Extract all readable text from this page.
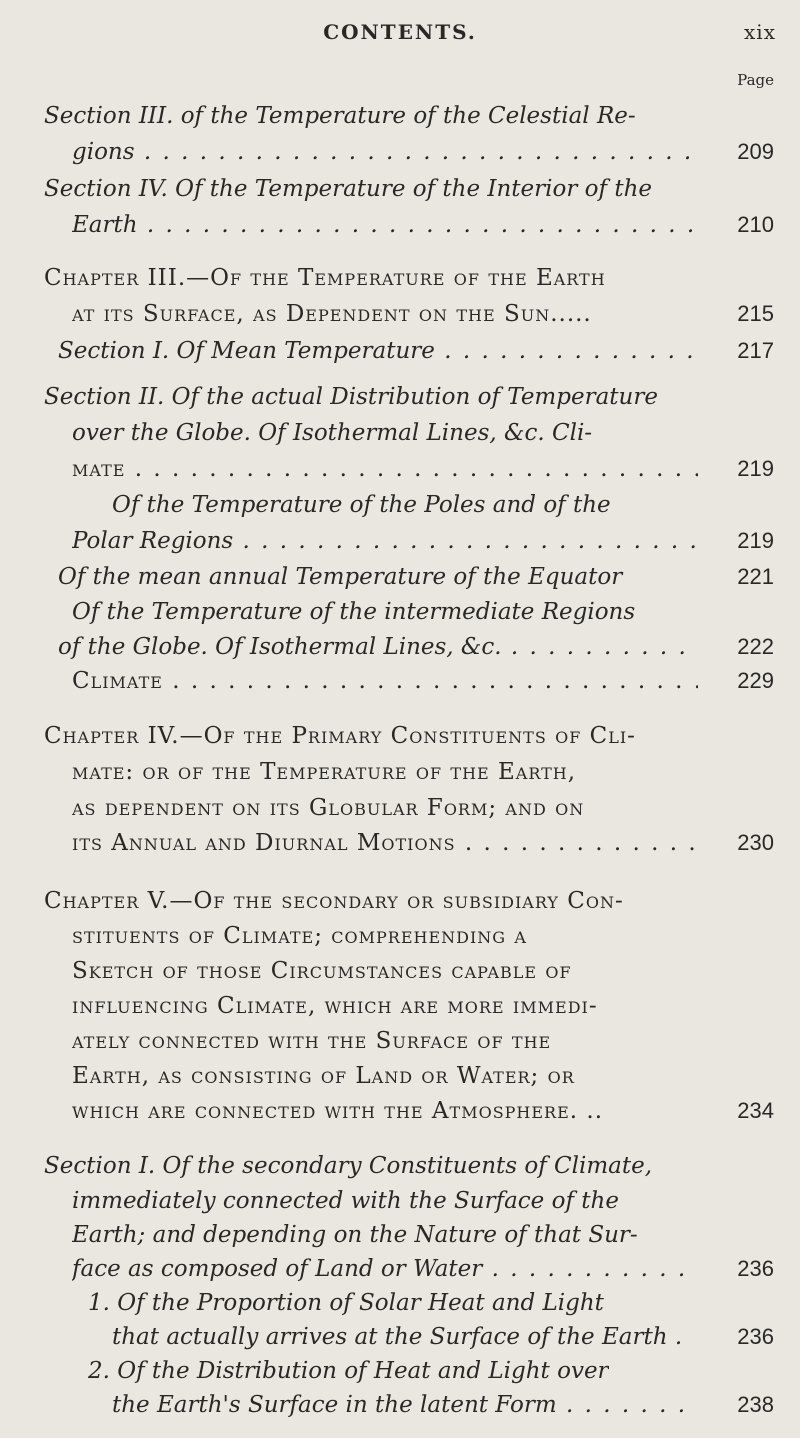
CONTENTS.	xix
Page
Section III. of the Temperature of the Celestial Re-
gions . . .	209
Section IV. Of the Temperature of the Interior of the
Earth . . .	210
Chapter III.—Of the Temperature of the Earth
at its Surface, as Dependent on the Sun.....	215
Section I. Of Mean Temperature . . .	217
Section II. Of the actual Distribution of Temperature
over the Globe. Of Isothermal Lines, &c. Cli-
mate . . .	219
Of the Temperature of the Poles and of the
Polar Regions . . .	219
Of the mean annual Temperature of the Equator	221
Of the Temperature of the intermediate Regions
of the Globe. Of Isothermal Lines, &c. . . .	222
Climate . . .	229
Chapter IV.—Of the Primary Constituents of Cli-
mate: or of the Temperature of the Earth,
as dependent on its Globular Form; and on
its Annual and Diurnal Motions . . .	230
Chapter V.—Of the secondary or subsidiary Con-
stituents of Climate; comprehending a
Sketch of those Circumstances capable of
influencing Climate, which are more immedi-
ately connected with the Surface of the
Earth, as consisting of Land or Water; or
which are connected with the Atmosphere. ..	234
Section I. Of the secondary Constituents of Climate,
immediately connected with the Surface of the
Earth; and depending on the Nature of that Sur-
face as composed of Land or Water . . .	236
1. Of the Proportion of Solar Heat and Light
that actually arrives at the Surface of the Earth .	236
2. Of the Distribution of Heat and Light over
the Earth's Surface in the latent Form . . .	238
